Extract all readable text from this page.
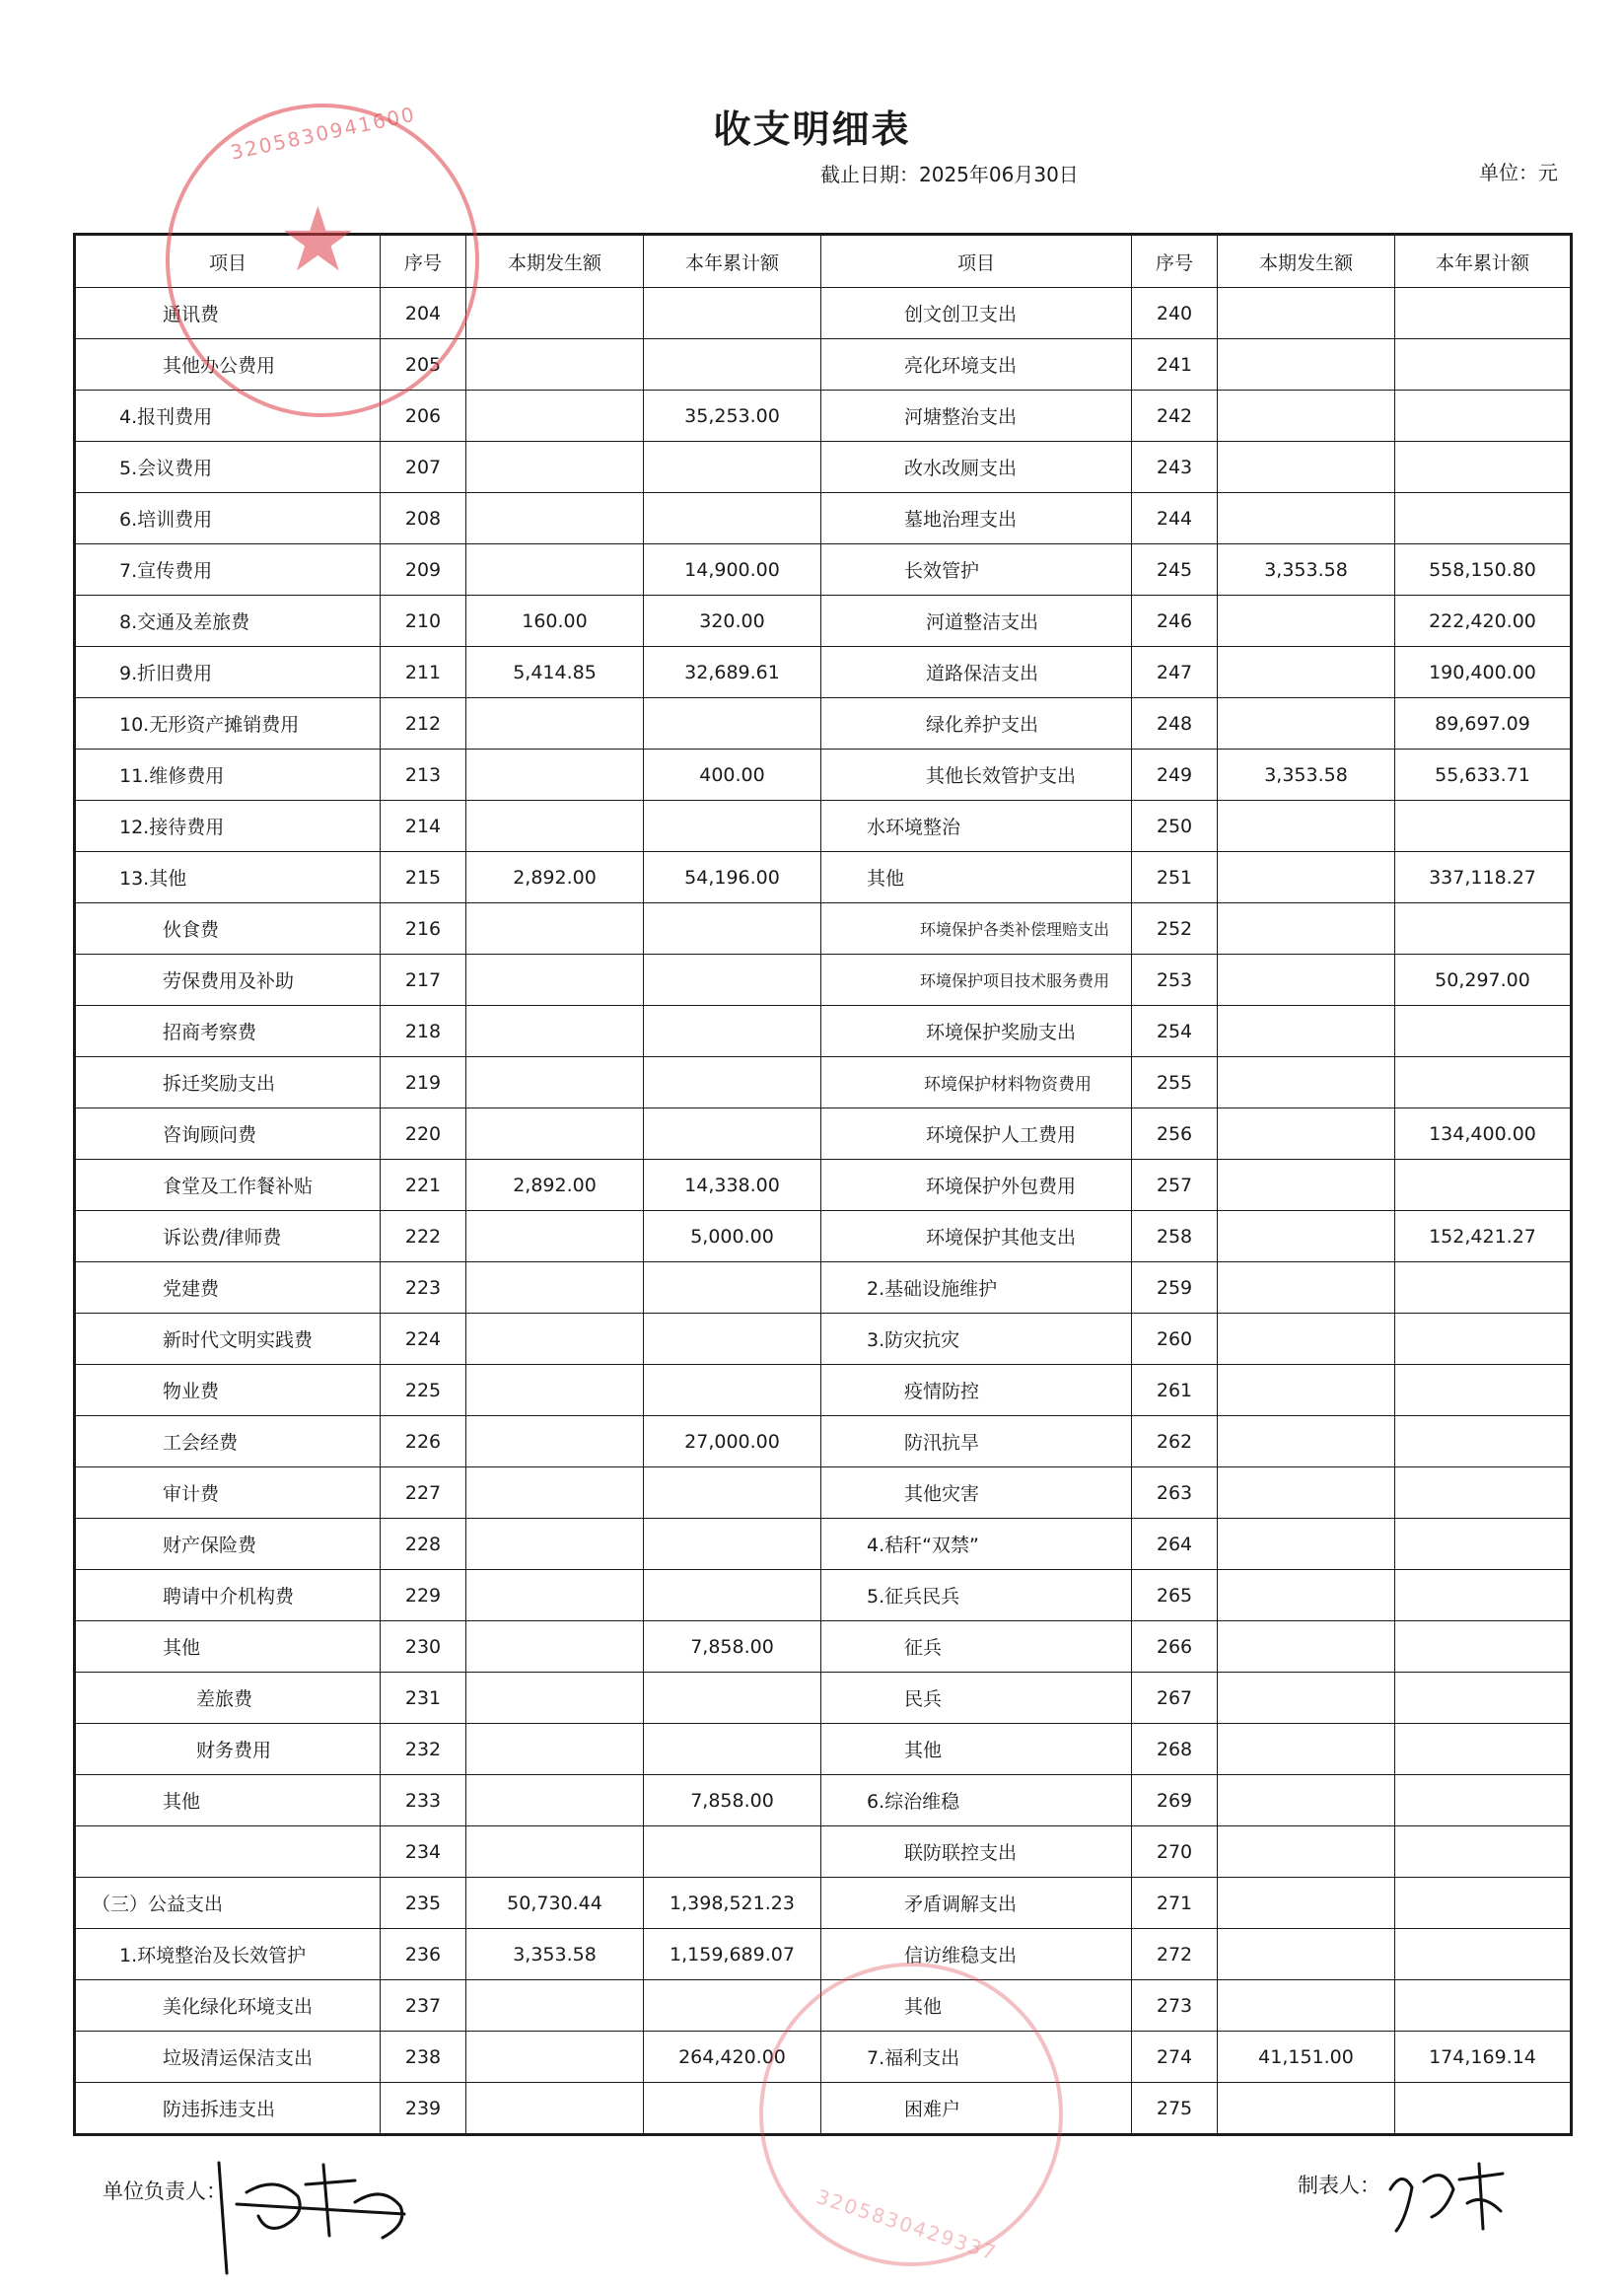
收支明细表
截止日期：2025年06月30日	单位：元
项目	序号	本期发生额	本年累计额	项目	序号	本期发生额	本年累计额
通讯费	204			创文创卫支出	240		
其他办公费用	205			亮化环境支出	241		
4.报刊费用	206		35,253.00	河塘整治支出	242		
5.会议费用	207			改水改厕支出	243		
6.培训费用	208			墓地治理支出	244		
7.宣传费用	209		14,900.00	长效管护	245	3,353.58	558,150.80
8.交通及差旅费	210	160.00	320.00	河道整洁支出	246		222,420.00
9.折旧费用	211	5,414.85	32,689.61	道路保洁支出	247		190,400.00
10.无形资产摊销费用	212			绿化养护支出	248		89,697.09
11.维修费用	213		400.00	其他长效管护支出	249	3,353.58	55,633.71
12.接待费用	214			水环境整治	250		
13.其他	215	2,892.00	54,196.00	其他	251		337,118.27
伙食费	216			环境保护各类补偿理赔支出	252		
劳保费用及补助	217			环境保护项目技术服务费用	253		50,297.00
招商考察费	218			环境保护奖励支出	254		
拆迁奖励支出	219			环境保护材料物资费用	255		
咨询顾问费	220			环境保护人工费用	256		134,400.00
食堂及工作餐补贴	221	2,892.00	14,338.00	环境保护外包费用	257		
诉讼费/律师费	222		5,000.00	环境保护其他支出	258		152,421.27
党建费	223			2.基础设施维护	259		
新时代文明实践费	224			3.防灾抗灾	260		
物业费	225			疫情防控	261		
工会经费	226		27,000.00	防汛抗旱	262		
审计费	227			其他灾害	263		
财产保险费	228			4.秸秆“双禁”	264		
聘请中介机构费	229			5.征兵民兵	265		
其他	230		7,858.00	征兵	266		
差旅费	231			民兵	267		
财务费用	232			其他	268		
其他	233		7,858.00	6.综治维稳	269		
	234			联防联控支出	270		
（三）公益支出	235	50,730.44	1,398,521.23	矛盾调解支出	271		
1.环境整治及长效管护	236	3,353.58	1,159,689.07	信访维稳支出	272		
美化绿化环境支出	237			其他	273		
垃圾清运保洁支出	238		264,420.00	7.福利支出	274	41,151.00	174,169.14
防违拆违支出	239			困难户	275		
单位负责人：	制表人：
3205830941600
★
3205830429337
